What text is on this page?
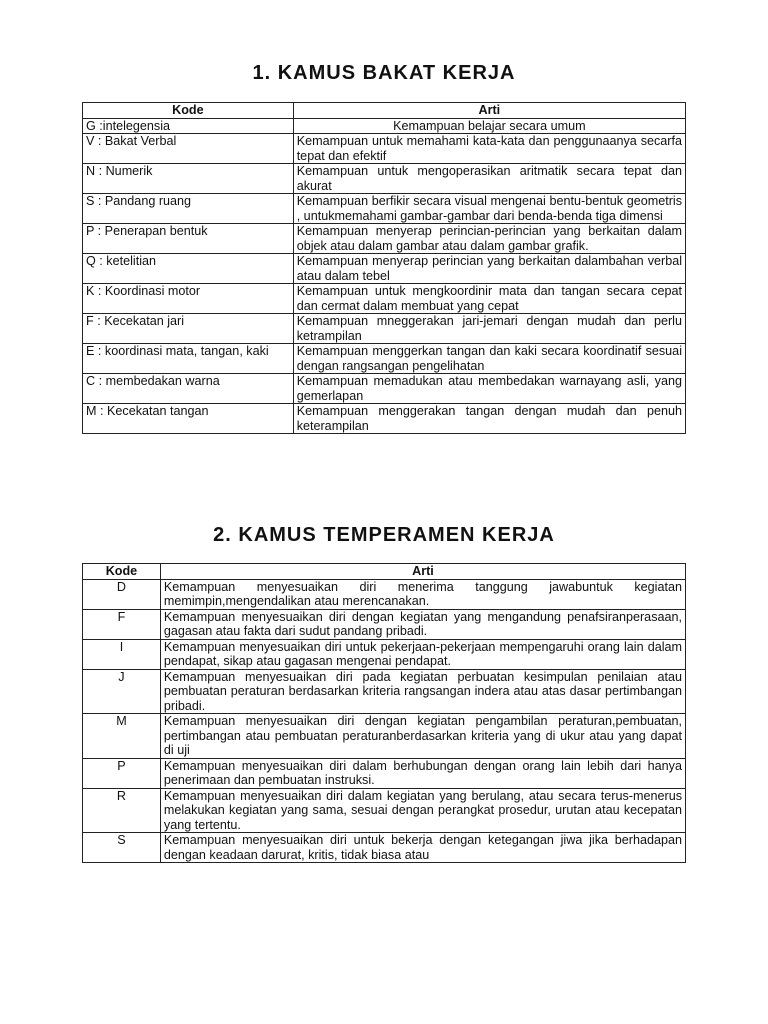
1. KAMUS BAKAT KERJA
Kode	Arti
G :intelegensia	Kemampuan belajar secara umum
V : Bakat Verbal	Kemampuan untuk memahami kata-kata dan penggunaanya secarfa tepat dan efektif
N : Numerik	Kemampuan untuk mengoperasikan aritmatik secara tepat dan akurat
S : Pandang ruang	Kemampuan berfikir secara visual mengenai bentu-bentuk geometris , untukmemahami gambar-gambar dari benda-benda tiga dimensi
P : Penerapan bentuk	Kemampuan menyerap perincian-perincian yang berkaitan dalam objek atau dalam gambar atau dalam gambar grafik.
Q : ketelitian	Kemampuan menyerap perincian yang berkaitan dalambahan verbal atau dalam tebel
K : Koordinasi motor	Kemampuan untuk mengkoordinir mata dan tangan secara cepat dan cermat dalam membuat yang cepat
F : Kecekatan jari	Kemampuan mneggerakan jari-jemari dengan mudah dan perlu ketrampilan
E : koordinasi mata, tangan, kaki	Kemampuan menggerkan tangan dan kaki secara koordinatif sesuai dengan rangsangan pengelihatan
C : membedakan warna	Kemampuan memadukan atau membedakan warnayang asli, yang gemerlapan
M : Kecekatan tangan	Kemampuan menggerakan tangan dengan mudah dan penuh keterampilan
2. KAMUS TEMPERAMEN KERJA
Kode	Arti
D	Kemampuan menyesuaikan diri menerima tanggung jawabuntuk kegiatan memimpin,mengendalikan atau merencanakan.
F	Kemampuan menyesuaikan diri dengan kegiatan yang mengandung penafsiranperasaan, gagasan atau fakta dari sudut pandang pribadi.
I	Kemampuan menyesuaikan diri untuk pekerjaan-pekerjaan mempengaruhi orang lain dalam pendapat, sikap atau gagasan mengenai pendapat.
J	Kemampuan menyesuaikan diri pada kegiatan perbuatan kesimpulan penilaian atau pembuatan peraturan berdasarkan kriteria rangsangan indera atau atas dasar pertimbangan pribadi.
M	Kemampuan menyesuaikan diri dengan kegiatan pengambilan peraturan,pembuatan, pertimbangan atau pembuatan peraturanberdasarkan kriteria yang di ukur atau yang dapat di uji
P	Kemampuan menyesuaikan diri dalam berhubungan dengan orang lain lebih dari hanya penerimaan dan pembuatan instruksi.
R	Kemampuan menyesuaikan diri dalam kegiatan yang berulang, atau secara terus-menerus melakukan kegiatan yang sama, sesuai dengan perangkat prosedur, urutan atau kecepatan yang tertentu.
S	Kemampuan menyesuaikan diri untuk bekerja dengan ketegangan jiwa jika berhadapan dengan keadaan darurat, kritis, tidak biasa atau
